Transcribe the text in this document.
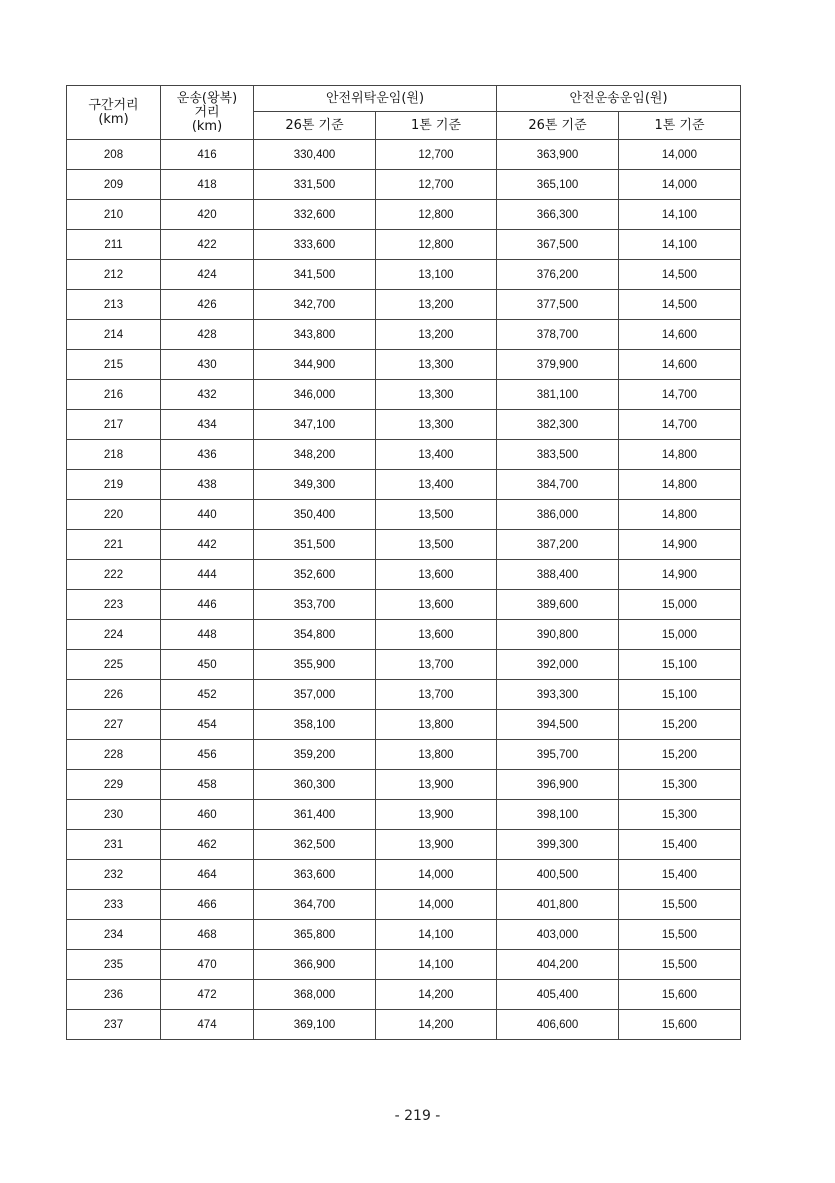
구간거리
(km)	운송(왕복)
거리
(km)	안전위탁운임(원)		안전운송운임(원)	
		26톤 기준	1톤 기준	26톤 기준	1톤 기준
208	416	330,400	12,700	363,900	14,000
209	418	331,500	12,700	365,100	14,000
210	420	332,600	12,800	366,300	14,100
211	422	333,600	12,800	367,500	14,100
212	424	341,500	13,100	376,200	14,500
213	426	342,700	13,200	377,500	14,500
214	428	343,800	13,200	378,700	14,600
215	430	344,900	13,300	379,900	14,600
216	432	346,000	13,300	381,100	14,700
217	434	347,100	13,300	382,300	14,700
218	436	348,200	13,400	383,500	14,800
219	438	349,300	13,400	384,700	14,800
220	440	350,400	13,500	386,000	14,800
221	442	351,500	13,500	387,200	14,900
222	444	352,600	13,600	388,400	14,900
223	446	353,700	13,600	389,600	15,000
224	448	354,800	13,600	390,800	15,000
225	450	355,900	13,700	392,000	15,100
226	452	357,000	13,700	393,300	15,100
227	454	358,100	13,800	394,500	15,200
228	456	359,200	13,800	395,700	15,200
229	458	360,300	13,900	396,900	15,300
230	460	361,400	13,900	398,100	15,300
231	462	362,500	13,900	399,300	15,400
232	464	363,600	14,000	400,500	15,400
233	466	364,700	14,000	401,800	15,500
234	468	365,800	14,100	403,000	15,500
235	470	366,900	14,100	404,200	15,500
236	472	368,000	14,200	405,400	15,600
237	474	369,100	14,200	406,600	15,600
- 219 -
